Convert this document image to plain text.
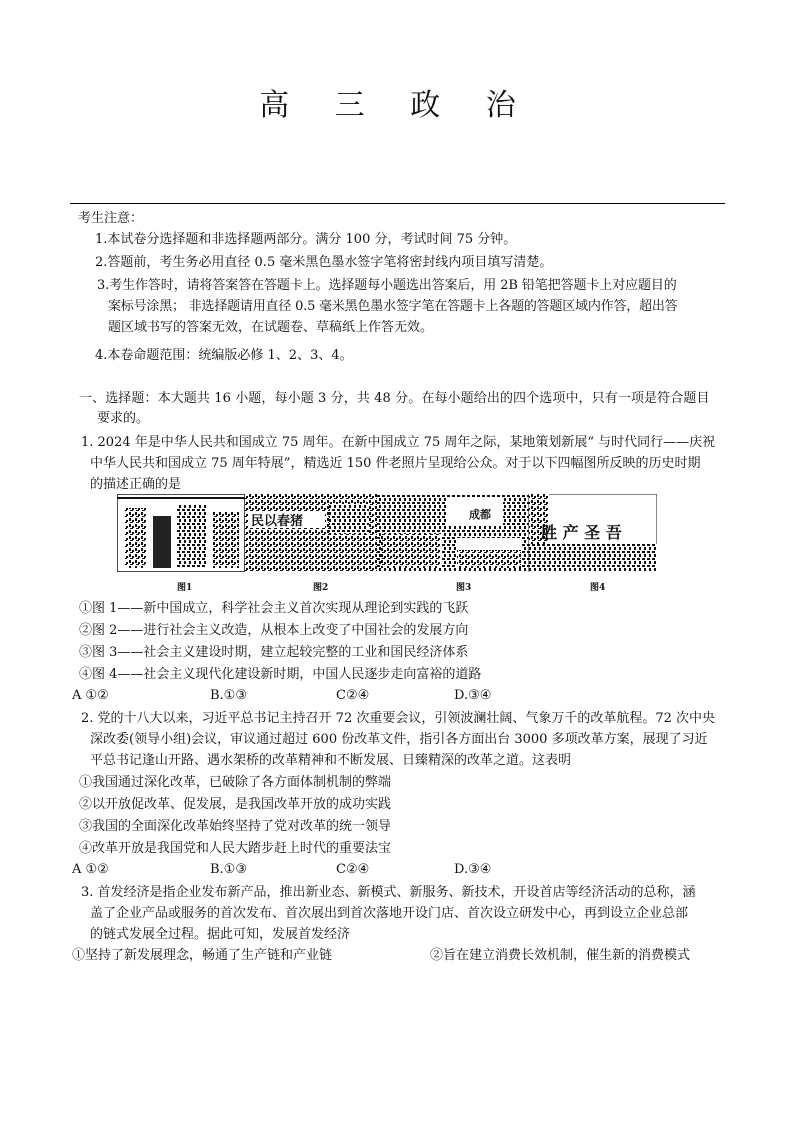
高 三 政 治
考生注意：
1.本试卷分选择题和非选择题两部分。满分 100 分，考试时间 75 分钟。
2.答题前，考生务必用直径 0.5 毫米黑色墨水签字笔将密封线内项目填写清楚。
3.考生作答时，请将答案答在答题卡上。选择题每小题选出答案后，用 2B 铅笔把答题卡上对应题目的
案标号涂黑； 非选择题请用直径 0.5 毫米黑色墨水签字笔在答题卡上各题的答题区域内作答，超出答
题区域书写的答案无效，在试题卷、草稿纸上作答无效。
4.本卷命题范围：统编版必修 1、2、3、4。
一、选择题：本大题共 16 小题，每小题 3 分，共 48 分。在每小题给出的四个选项中，只有一项是符合题目
要求的。
1. 2024 年是中华人民共和国成立 75 周年。在新中国成立 75 周年之际，某地策划新展“ 与时代同行——庆祝
中华人民共和国成立 75 周年特展”，精选近 150 件老照片呈现给公众。对于以下四幅图所反映的历史时期
的描述正确的是
民以春猪	成都
胜 产 圣 吾
图1	图2	图3	图4
①图 1——新中国成立，科学社会主义首次实现从理论到实践的飞跃
②图 2——进行社会主义改造，从根本上改变了中国社会的发展方向
③图 3——社会主义建设时期，建立起较完整的工业和国民经济体系
④图 4——社会主义现代化建设新时期，中国人民逐步走向富裕的道路
A ①②	B.①③	C②④	D.③④
2. 党的十八大以来，习近平总书记主持召开 72 次重要会议，引领波澜壮阔、气象万千的改革航程。72 次中央
深改委(领导小组)会议，审议通过超过 600 份改革文件，指引各方面出台 3000 多项改革方案，展现了习近
平总书记逢山开路、遇水架桥的改革精神和不断发展、日臻精深的改革之道。这表明
①我国通过深化改革，已破除了各方面体制机制的弊端
②以开放促改革、促发展，是我国改革开放的成功实践
③我国的全面深化改革始终坚持了党对改革的统一领导
④改革开放是我国党和人民大踏步赶上时代的重要法宝
A ①②	B.①③	C②④	D.③④
3. 首发经济是指企业发布新产品，推出新业态、新模式、新服务、新技术，开设首店等经济活动的总称，涵
盖了企业产品或服务的首次发布、首次展出到首次落地开设门店、首次设立研发中心，再到设立企业总部
的链式发展全过程。据此可知，发展首发经济
①坚持了新发展理念，畅通了生产链和产业链	②旨在建立消费长效机制，催生新的消费模式
